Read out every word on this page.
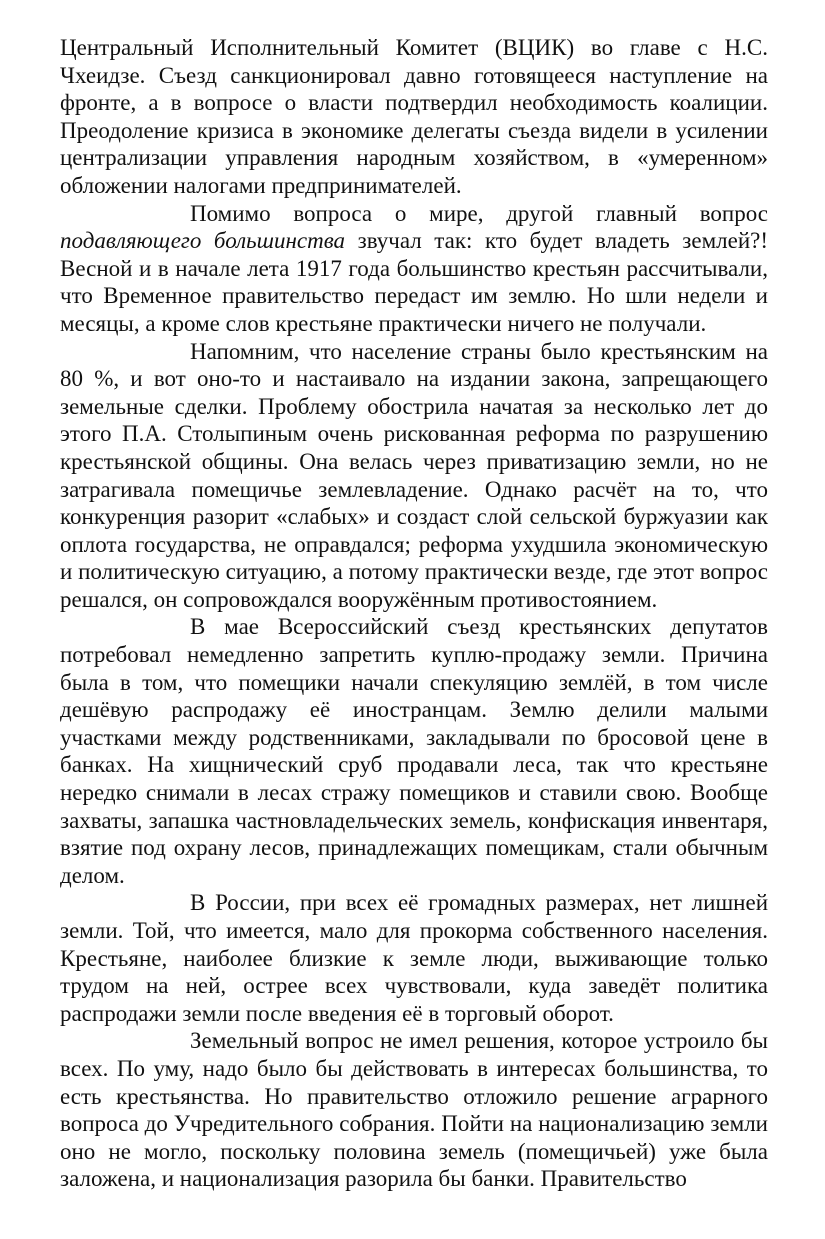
Центральный Исполнительный Комитет (ВЦИК) во главе с Н.С. Чхеидзе. Съезд санкционировал давно готовящееся наступление на фронте, а в вопросе о власти подтвердил необходимость коалиции. Преодоление кризиса в экономике делегаты съезда видели в усилении централизации управления народным хозяйством, в «умеренном» обложении налогами предпринимателей.

Помимо вопроса о мире, другой главный вопрос подавляющего большинства звучал так: кто будет владеть землей?! Весной и в начале лета 1917 года большинство крестьян рассчитывали, что Временное правительство передаст им землю. Но шли недели и месяцы, а кроме слов крестьяне практически ничего не получали.

Напомним, что население страны было крестьянским на 80 %, и вот оно-то и настаивало на издании закона, запрещающего земельные сделки. Проблему обострила начатая за несколько лет до этого П.А. Столыпиным очень рискованная реформа по разрушению крестьянской общины. Она велась через приватизацию земли, но не затрагивала помещичье землевладение. Однако расчёт на то, что конкуренция разорит «слабых» и создаст слой сельской буржуазии как оплота государства, не оправдался; реформа ухудшила экономическую и политическую ситуацию, а потому практически везде, где этот вопрос решался, он сопровождался вооружённым противостоянием.

В мае Всероссийский съезд крестьянских депутатов потребовал немедленно запретить куплю-продажу земли. Причина была в том, что помещики начали спекуляцию землёй, в том числе дешёвую распродажу её иностранцам. Землю делили малыми участками между родственниками, закладывали по бросовой цене в банках. На хищнический сруб продавали леса, так что крестьяне нередко снимали в лесах стражу помещиков и ставили свою. Вообще захваты, запашка частновладельческих земель, конфискация инвентаря, взятие под охрану лесов, принадлежащих помещикам, стали обычным делом.

В России, при всех её громадных размерах, нет лишней земли. Той, что имеется, мало для прокорма собственного населения. Крестьяне, наиболее близкие к земле люди, выживающие только трудом на ней, острее всех чувствовали, куда заведёт политика распродажи земли после введения её в торговый оборот.

Земельный вопрос не имел решения, которое устроило бы всех. По уму, надо было бы действовать в интересах большинства, то есть крестьянства. Но правительство отложило решение аграрного вопроса до Учредительного собрания. Пойти на национализацию земли оно не могло, поскольку половина земель (помещичьей) уже была заложена, и национализация разорила бы банки. Правительство
